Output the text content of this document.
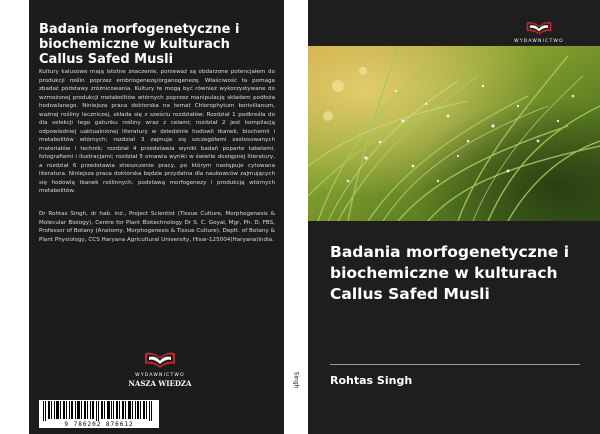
Badania morfogenetyczne i biochemiczne w kulturach Callus Safed Musli

Kultury kalusowe mają istotne znaczenie, ponieważ są obdarzone potencjałem do produkcji roślin poprzez embriogenezę/organogenezę. Właściwość ta pomaga zbadać podstawy zróżnicowania. Kultury te mogą być również wykorzystywane do wzmożonej produkcji metabolitów wtórnych poprzez manipulację składem podłoża hodowlanego. Niniejsza praca doktorska na temat Chlorophytum borivilianum, ważnej rośliny leczniczej, składa się z sześciu rozdziałów: Rozdział 1 podkreśla do dla selekcji tego gatunku rośliny wraz z celami; rozdział 2 jest kompilacją odpowiedniej uaktualnionej literatury w dziedzinie hodowli tkanek, biochemii i metabolitów wtórnych; rozdział 3 zajmuje się szczegółami zastosowanych materiałów i technik; rozdział 4 przedstawia wyniki badań poparte tabelami, fotografiami i ilustracjami; rozdział 5 omawia wyniki w świetle dostępnej literatury, a rozdział 6 przedstawia streszczenie pracy, po którym następuje cytowana literatura. Niniejsza praca doktorska będzie przydatna dla naukowców zajmujących się hodowlą tkanek roślinnych, podstawą morfogenezy i produkcją wtórnych metabolitów.

Dr Rohtas Singh, dr hab. inż., Project Scientist (Tissue Culture, Morphogenesis & Molecular Biology), Centre for Plant Biotechnology Dr S. C. Goyal, Mgr, Ph. D, FBS, Professor of Botany (Anatomy, Morphogenesis & Tissue Culture), Deptt. of Botany & Plant Physiology, CCS Haryana Agricultural University, Hisar-125004(Haryana)India.

WYDAWNICTWO
NASZA WIEDZA
9 786202 876612
Singh
WYDAWNICTWO
Badania morfogenetyczne i biochemiczne w kulturach Callus Safed Musli
Rohtas Singh
